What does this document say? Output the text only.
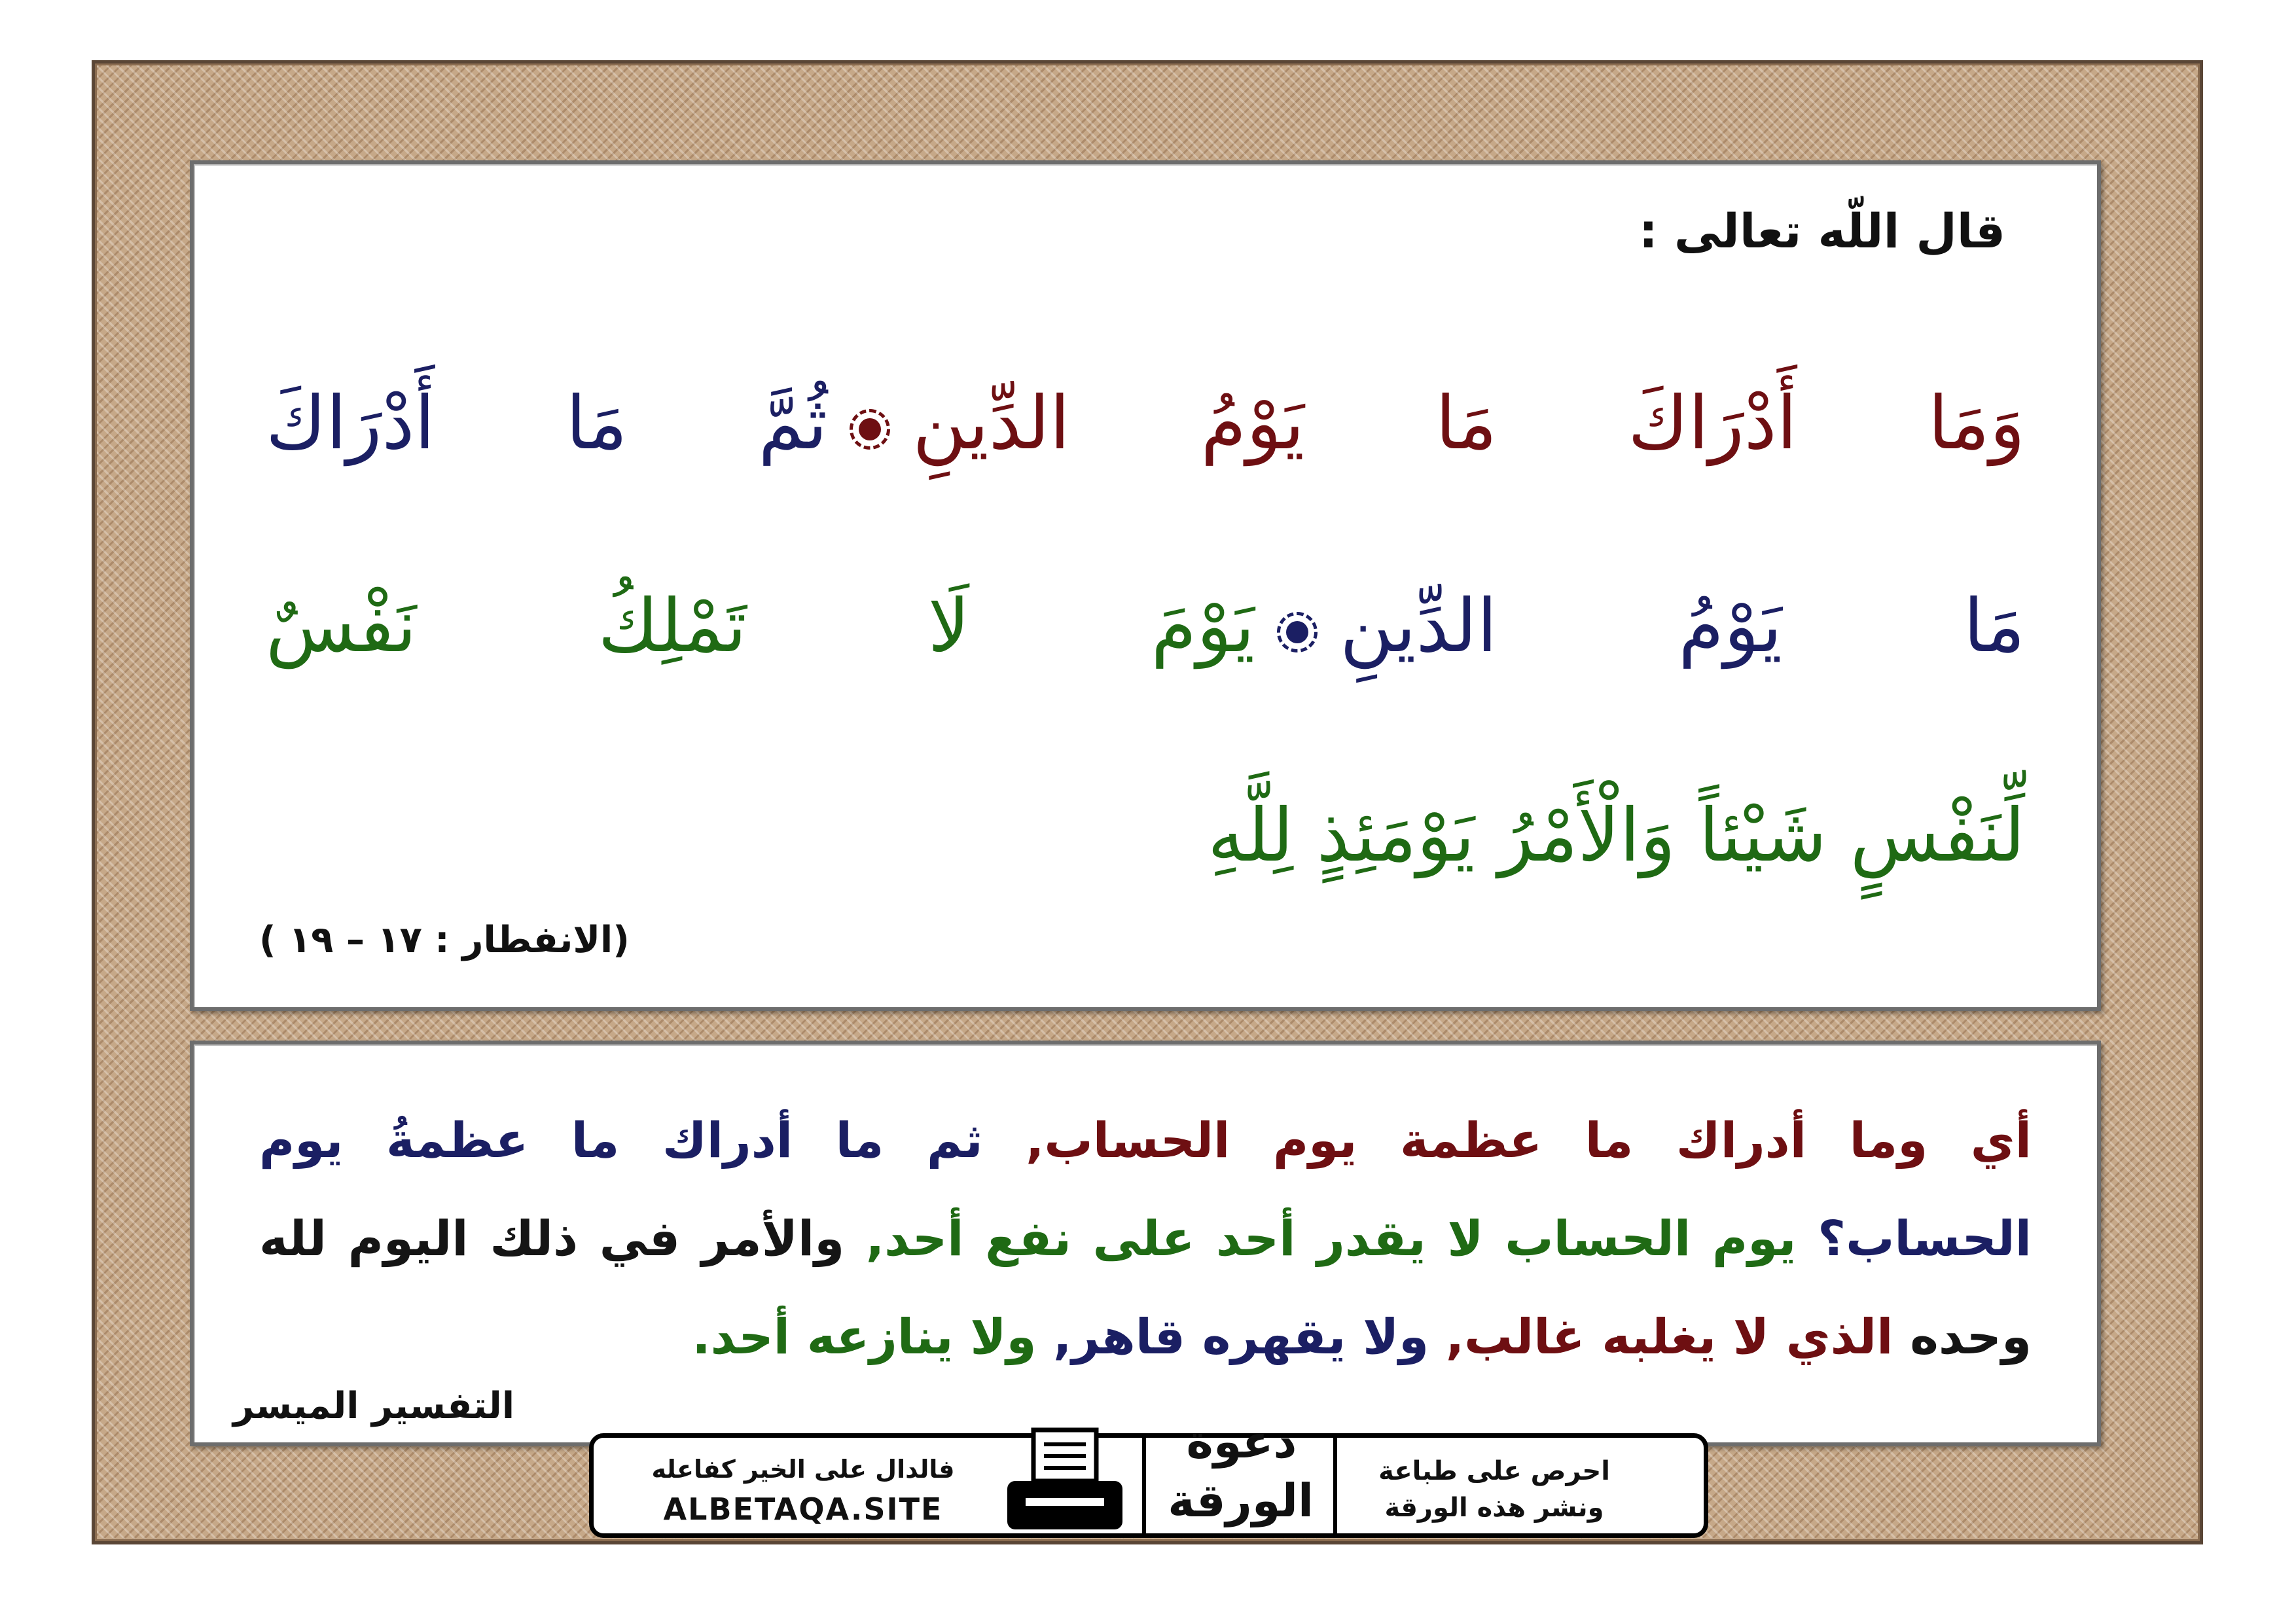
قال اللّه تعالى :

وَمَا أَدْرَاكَ مَا يَوْمُ الدِّينِثُمَّ مَا أَدْرَاكَ

مَا يَوْمُ الدِّينِيَوْمَ لَا تَمْلِكُ نَفْسٌ

لِّنَفْسٍ شَيْئاً وَالْأَمْرُ يَوْمَئِذٍ لِلَّهِ

(الانفطار : ١٧ – ١٩ )

أي وما أدراك ما عظمة يوم الحساب, ثم ما أدراك ما عظمةُ يوم

الحساب؟ يوم الحساب لا يقدر أحد على نفع أحد, والأمر في ذلك اليوم لله

وحده الذي لا يغلبه غالب, ولا يقهره قاهر, ولا ينازعه أحد.

التفسير الميسر

فالدال على الخير كفاعله
ALBETAQA.SITE
دعوة
الورقة
احرص على طباعة
ونشر هذه الورقة
